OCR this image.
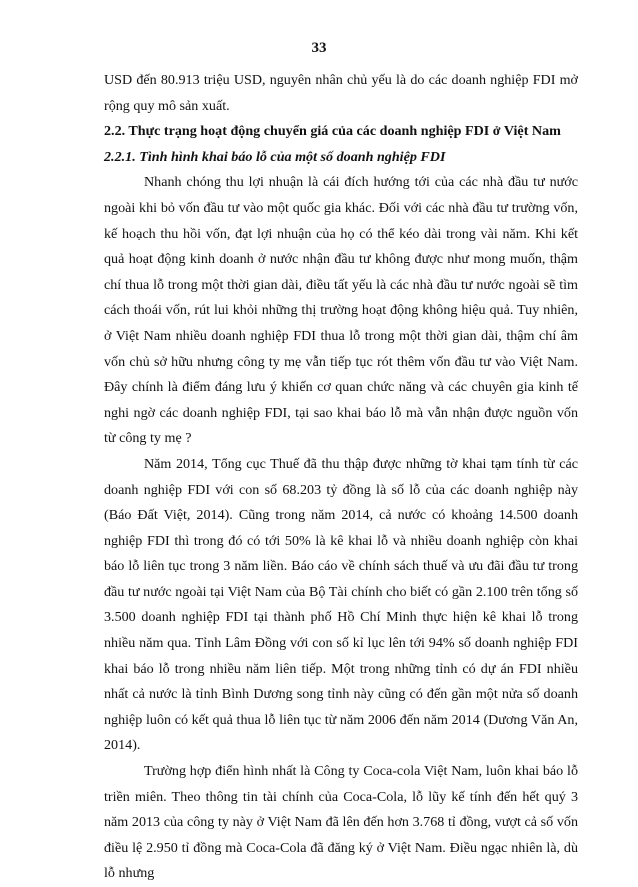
33

USD đến 80.913 triệu USD, nguyên nhân chủ yếu là do các doanh nghiệp FDI mở rộng quy mô sản xuất.

2.2. Thực trạng hoạt động chuyển giá của các doanh nghiệp FDI ở Việt Nam

2.2.1. Tình hình khai báo lỗ của một số doanh nghiệp FDI

Nhanh chóng thu lợi nhuận là cái đích hướng tới của các nhà đầu tư nước ngoài khi bỏ vốn đầu tư vào một quốc gia khác. Đối với các nhà đầu tư trường vốn, kế hoạch thu hồi vốn, đạt lợi nhuận của họ có thể kéo dài trong vài năm. Khi kết quả hoạt động kinh doanh ở nước nhận đầu tư không được như mong muốn, thậm chí thua lỗ trong một thời gian dài, điều tất yếu là các nhà đầu tư nước ngoài sẽ tìm cách thoái vốn, rút lui khỏi những thị trường hoạt động không hiệu quả. Tuy nhiên, ở Việt Nam nhiều doanh nghiệp FDI thua lỗ trong một thời gian dài, thậm chí âm vốn chủ sở hữu nhưng công ty mẹ vẫn tiếp tục rót thêm vốn đầu tư vào Việt Nam. Đây chính là điểm đáng lưu ý khiến cơ quan chức năng và các chuyên gia kinh tế nghi ngờ các doanh nghiệp FDI, tại sao khai báo lỗ mà vẫn nhận được nguồn vốn từ công ty mẹ ?

Năm 2014, Tổng cục Thuế đã thu thập được những tờ khai tạm tính từ các doanh nghiệp FDI với con số 68.203 tỷ đồng là số lỗ của các doanh nghiệp này (Báo Đất Việt, 2014). Cũng trong năm 2014, cả nước có khoảng 14.500 doanh nghiệp FDI thì trong đó có tới 50% là kê khai lỗ và nhiều doanh nghiệp còn khai báo lỗ liên tục trong 3 năm liền. Báo cáo về chính sách thuế và ưu đãi đầu tư trong đầu tư nước ngoài tại Việt Nam của Bộ Tài chính cho biết có gần 2.100 trên tổng số 3.500 doanh nghiệp FDI tại thành phố Hồ Chí Minh thực hiện kê khai lỗ trong nhiều năm qua. Tỉnh Lâm Đồng với con số kỉ lục lên tới 94% số doanh nghiệp FDI khai báo lỗ trong nhiều năm liên tiếp. Một trong những tỉnh có dự án FDI nhiều nhất cả nước là tỉnh Bình Dương song tỉnh này cũng có đến gần một nửa số doanh nghiệp luôn có kết quả thua lỗ liên tục từ năm 2006 đến năm 2014 (Dương Văn An, 2014).

Trường hợp điển hình nhất là Công ty Coca-cola Việt Nam, luôn khai báo lỗ triền miên. Theo thông tin tài chính của Coca-Cola, lỗ lũy kế tính đến hết quý 3 năm 2013 của công ty này ở Việt Nam đã lên đến hơn 3.768 tỉ đồng, vượt cả số vốn điều lệ 2.950 tỉ đồng mà Coca-Cola đã đăng ký ở Việt Nam. Điều ngạc nhiên là, dù lỗ nhưng
